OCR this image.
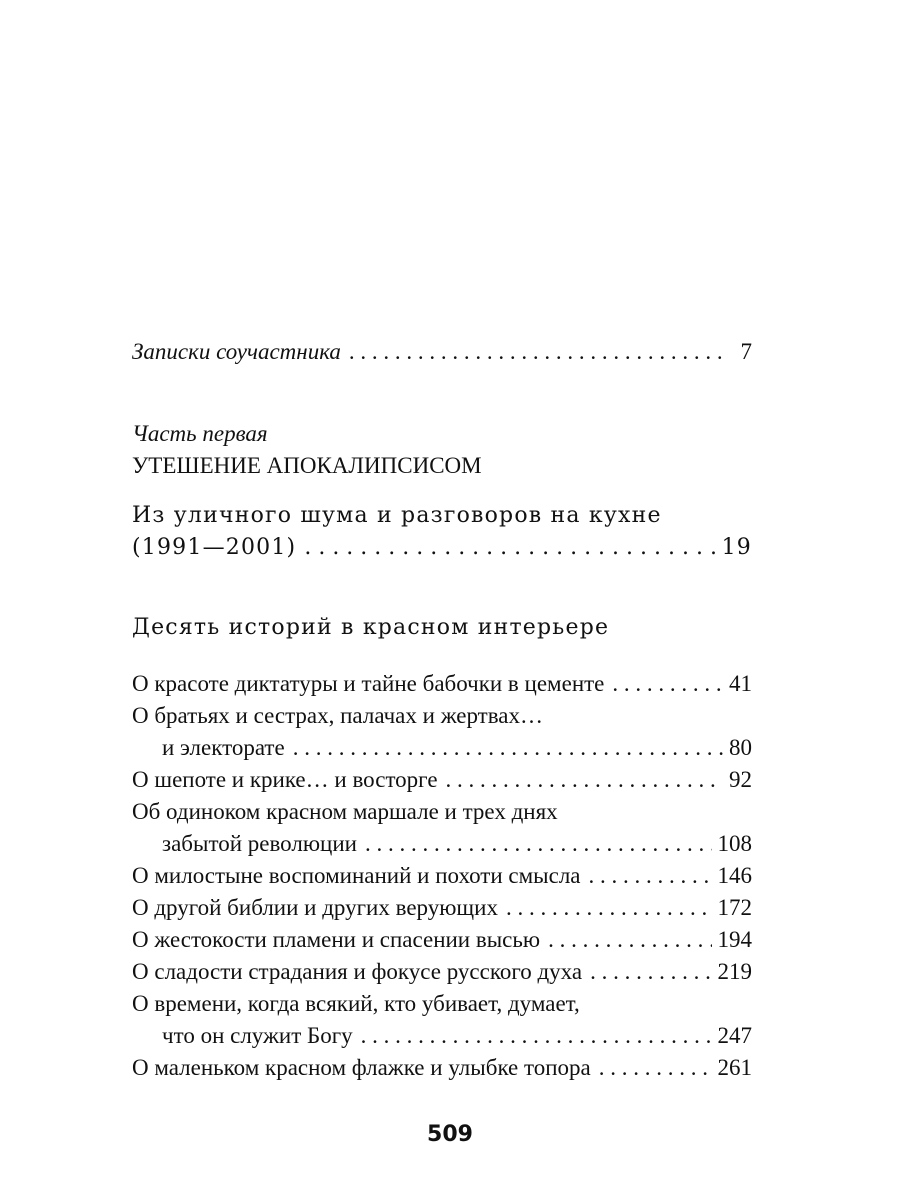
Записки соучастника . . .	7
Часть первая
УТЕШЕНИЕ АПОКАЛИПСИСОМ
Из уличного шума и разговоров на кухне
(1991—2001) . . .	19
Десять историй в красном интерьере
О красоте диктатуры и тайне бабочки в цементе . . .	41
О братьях и сестрах, палачах и жертвах…
и электорате . . .	80
О шепоте и крике… и восторге . . .	92
Об одиноком красном маршале и трех днях
забытой революции . . .	108
О милостыне воспоминаний и похоти смысла . . .	146
О другой библии и других верующих . . .	172
О жестокости пламени и спасении высью . . .	194
О сладости страдания и фокусе русского духа . . .	219
О времени, когда всякий, кто убивает, думает,
что он служит Богу . . .	247
О маленьком красном флажке и улыбке топора . . .	261
509
